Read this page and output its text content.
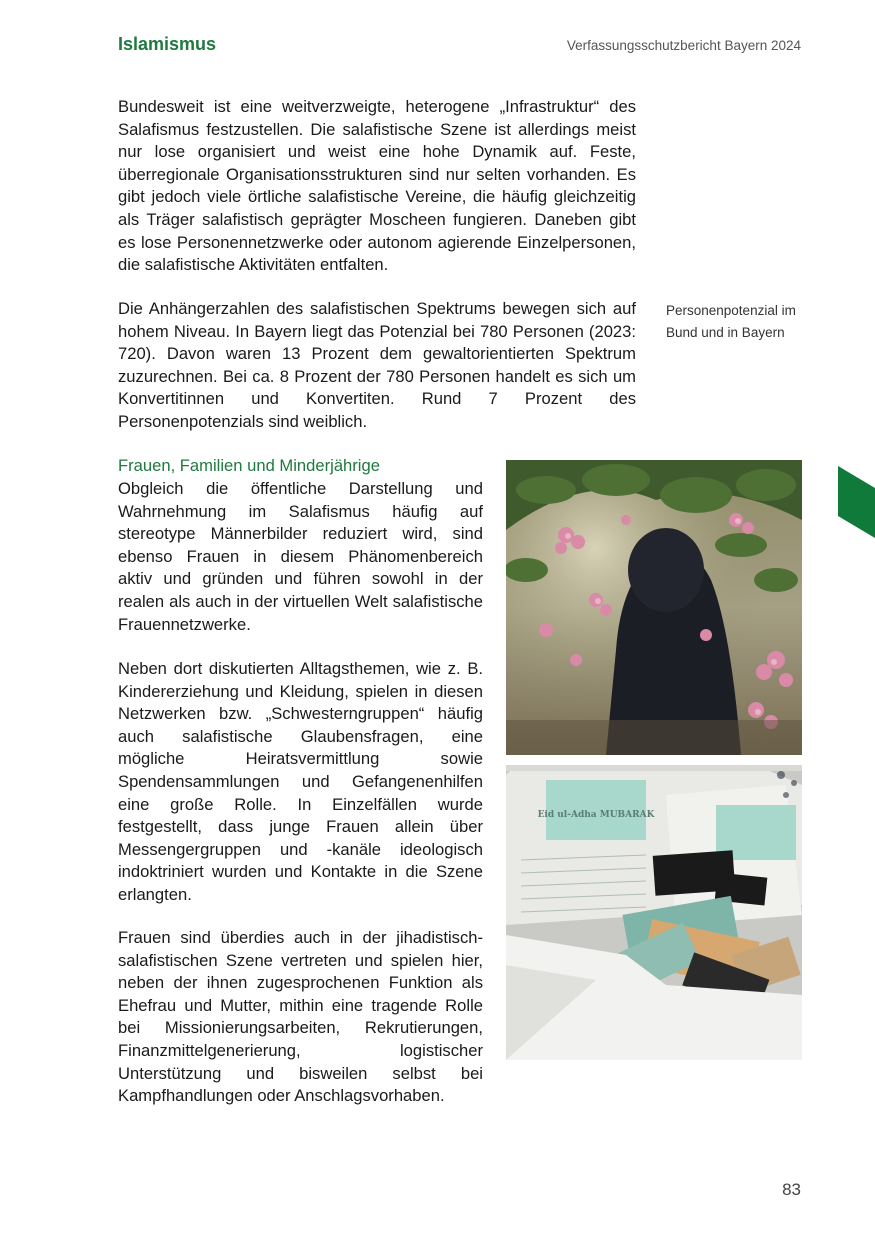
Islamismus	Verfassungsschutzbericht Bayern 2024

Bundesweit ist eine weitverzweigte, heterogene „Infrastruktur“ des Salafismus festzustellen. Die salafistische Szene ist allerdings meist nur lose organisiert und weist eine hohe Dynamik auf. Feste, überregionale Organisationsstrukturen sind nur selten vorhanden. Es gibt jedoch viele örtliche salafistische Vereine, die häufig gleichzeitig als Träger salafistisch geprägter Moscheen fungieren. Daneben gibt es lose Personennetzwerke oder autonom agierende Einzelpersonen, die salafistische Aktivitäten entfalten.

Die Anhängerzahlen des salafistischen Spektrums bewegen sich auf hohem Niveau. In Bayern liegt das Potenzial bei 780 Personen (2023: 720). Davon waren 13 Prozent dem gewaltorientierten Spektrum zuzurechnen. Bei ca. 8 Prozent der 780 Personen handelt es sich um Konvertitinnen und Konvertiten. Rund 7 Prozent des Personenpotenzials sind weiblich.

Personenpotenzial im Bund und in Bayern
Frauen, Familien und Minderjährige

Obgleich die öffentliche Darstellung und Wahrnehmung im Salafismus häufig auf stereotype Männerbilder reduziert wird, sind ebenso Frauen in diesem Phänomenbereich aktiv und gründen und führen sowohl in der realen als auch in der virtuellen Welt salafistische Frauennetzwerke.

Neben dort diskutierten Alltagsthemen, wie z. B. Kindererziehung und Kleidung, spielen in diesen Netzwerken bzw. „Schwesterngruppen“ häufig auch salafistische Glaubensfragen, eine mögliche Heiratsvermittlung sowie Spendensammlungen und Gefangenenhilfen eine große Rolle. In Einzelfällen wurde festgestellt, dass junge Frauen allein über Messengergruppen und -kanäle ideologisch indoktriniert wurden und Kontakte in die Szene erlangten.

Frauen sind überdies auch in der jihadistisch-salafistischen Szene vertreten und spielen hier, neben der ihnen zugesprochenen Funktion als Ehefrau und Mutter, mithin eine tragende Rolle bei Missionierungsarbeiten, Rekrutierungen, Finanzmittelgenerierung, logistischer Unterstützung und bisweilen selbst bei Kampfhandlungen oder Anschlagsvorhaben.

Eid ul-Adha MUBARAK
83
